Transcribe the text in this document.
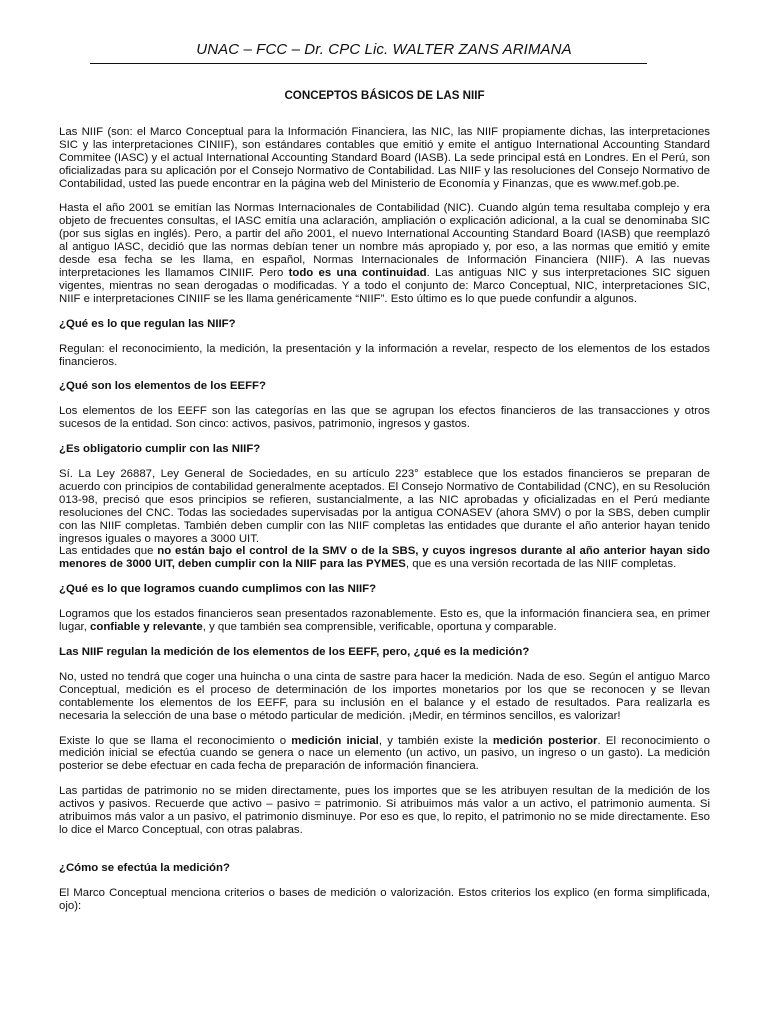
UNAC – FCC – Dr. CPC Lic. WALTER ZANS ARIMANA
CONCEPTOS BÁSICOS DE LAS NIIF

Las NIIF (son: el Marco Conceptual para la Información Financiera, las NIC, las NIIF propiamente dichas, las interpretaciones SIC y las interpretaciones CINIIF), son estándares contables que emitió y emite el antiguo International Accounting Standard Commitee (IASC) y el actual International Accounting Standard Board (IASB). La sede principal está en Londres. En el Perú, son oficializadas para su aplicación por el Consejo Normativo de Contabilidad. Las NIIF y las resoluciones del Consejo Normativo de Contabilidad, usted las puede encontrar en la página web del Ministerio de Economía y Finanzas, que es www.mef.gob.pe.

Hasta el año 2001 se emitían las Normas Internacionales de Contabilidad (NIC). Cuando algún tema resultaba complejo y era objeto de frecuentes consultas, el IASC emitía una aclaración, ampliación o explicación adicional, a la cual se denominaba SIC (por sus siglas en inglés). Pero, a partir del año 2001, el nuevo International Accounting Standard Board (IASB) que reemplazó al antiguo IASC, decidió que las normas debían tener un nombre más apropiado y, por eso, a las normas que emitió y emite desde esa fecha se les llama, en español, Normas Internacionales de Información Financiera (NIIF). A las nuevas interpretaciones les llamamos CINIIF. Pero todo es una continuidad. Las antiguas NIC y sus interpretaciones SIC siguen vigentes, mientras no sean derogadas o modificadas. Y a todo el conjunto de: Marco Conceptual, NIC, interpretaciones SIC, NIIF e interpretaciones CINIIF se les llama genéricamente “NIIF”. Esto último es lo que puede confundir a algunos.

¿Qué es lo que regulan las NIIF?

Regulan: el reconocimiento, la medición, la presentación y la información a revelar, respecto de los elementos de los estados financieros.

¿Qué son los elementos de los EEFF?

Los elementos de los EEFF son las categorías en las que se agrupan los efectos financieros de las transacciones y otros sucesos de la entidad. Son cinco: activos, pasivos, patrimonio, ingresos y gastos.

¿Es obligatorio cumplir con las NIIF?

Sí. La Ley 26887, Ley General de Sociedades, en su artículo 223° establece que los estados financieros se preparan de acuerdo con principios de contabilidad generalmente aceptados. El Consejo Normativo de Contabilidad (CNC), en su Resolución 013-98, precisó que esos principios se refieren, sustancialmente, a las NIC aprobadas y oficializadas en el Perú mediante resoluciones del CNC. Todas las sociedades supervisadas por la antigua CONASEV (ahora SMV) o por la SBS, deben cumplir con las NIIF completas. También deben cumplir con las NIIF completas las entidades que durante el año anterior hayan tenido ingresos iguales o mayores a 3000 UIT.
Las entidades que no están bajo el control de la SMV o de la SBS, y cuyos ingresos durante al año anterior hayan sido menores de 3000 UIT, deben cumplir con la NIIF para las PYMES, que es una versión recortada de las NIIF completas.

¿Qué es lo que logramos cuando cumplimos con las NIIF?

Logramos que los estados financieros sean presentados razonablemente. Esto es, que la información financiera sea, en primer lugar, confiable y relevante, y que también sea comprensible, verificable, oportuna y comparable.

Las NIIF regulan la medición de los elementos de los EEFF, pero, ¿qué es la medición?

No, usted no tendrá que coger una huincha o una cinta de sastre para hacer la medición. Nada de eso. Según el antiguo Marco Conceptual, medición es el proceso de determinación de los importes monetarios por los que se reconocen y se llevan contablemente los elementos de los EEFF, para su inclusión en el balance y el estado de resultados. Para realizarla es necesaria la selección de una base o método particular de medición. ¡Medir, en términos sencillos, es valorizar!

Existe lo que se llama el reconocimiento o medición inicial, y también existe la medición posterior. El reconocimiento o medición inicial se efectúa cuando se genera o nace un elemento (un activo, un pasivo, un ingreso o un gasto). La medición posterior se debe efectuar en cada fecha de preparación de información financiera.

Las partidas de patrimonio no se miden directamente, pues los importes que se les atribuyen resultan de la medición de los activos y pasivos. Recuerde que activo – pasivo = patrimonio. Si atribuimos más valor a un activo, el patrimonio aumenta. Si atribuimos más valor a un pasivo, el patrimonio disminuye. Por eso es que, lo repito, el patrimonio no se mide directamente. Eso lo dice el Marco Conceptual, con otras palabras.

¿Cómo se efectúa la medición?

El Marco Conceptual menciona criterios o bases de medición o valorización. Estos criterios los explico (en forma simplificada, ojo):
